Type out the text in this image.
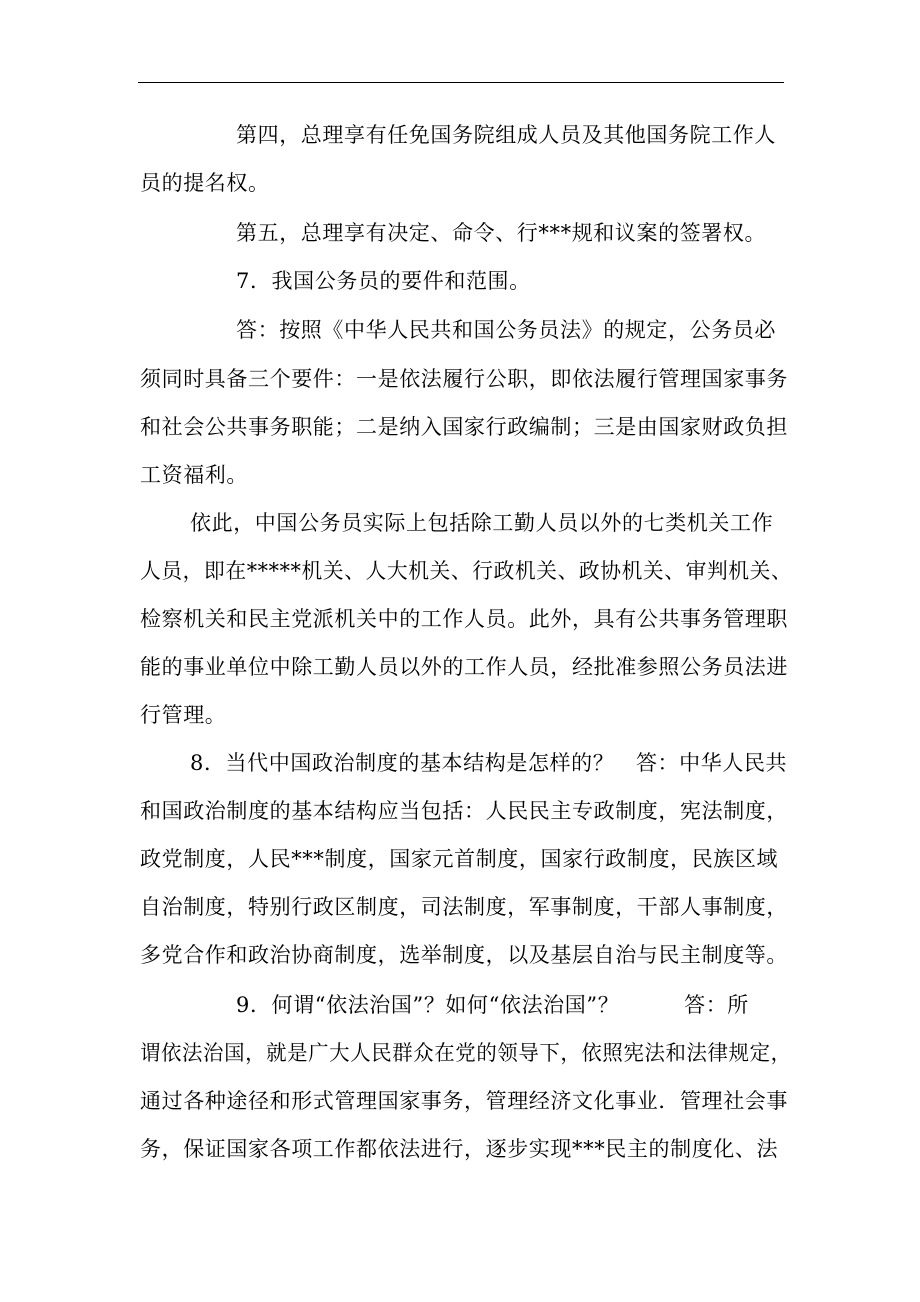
第四，总理享有任免国务院组成人员及其他国务院工作人
员的提名权。
第五，总理享有决定、命令、行***规和议案的签署权。
7．我国公务员的要件和范围。
答：按照《中华人民共和国公务员法》的规定，公务员必
须同时具备三个要件：一是依法履行公职，即依法履行管理国家事务
和社会公共事务职能；二是纳入国家行政编制；三是由国家财政负担
工资福利。
依此，中国公务员实际上包括除工勤人员以外的七类机关工作
人员，即在*****机关、人大机关、行政机关、政协机关、审判机关、
检察机关和民主党派机关中的工作人员。此外，具有公共事务管理职
能的事业单位中除工勤人员以外的工作人员，经批准参照公务员法进
行管理。
8．当代中国政治制度的基本结构是怎样的？　答：中华人民共
和国政治制度的基本结构应当包括：人民民主专政制度，宪法制度，
政党制度，人民***制度，国家元首制度，国家行政制度，民族区域
自治制度，特别行政区制度，司法制度，军事制度，干部人事制度，
多党合作和政治协商制度，选举制度，以及基层自治与民主制度等。
9．何谓“依法治国”？如何“依法治国”？　　　答：所
谓依法治国，就是广大人民群众在党的领导下，依照宪法和法律规定，
通过各种途径和形式管理国家事务，管理经济文化事业．管理社会事
务，保证国家各项工作都依法进行，逐步实现***民主的制度化、法
